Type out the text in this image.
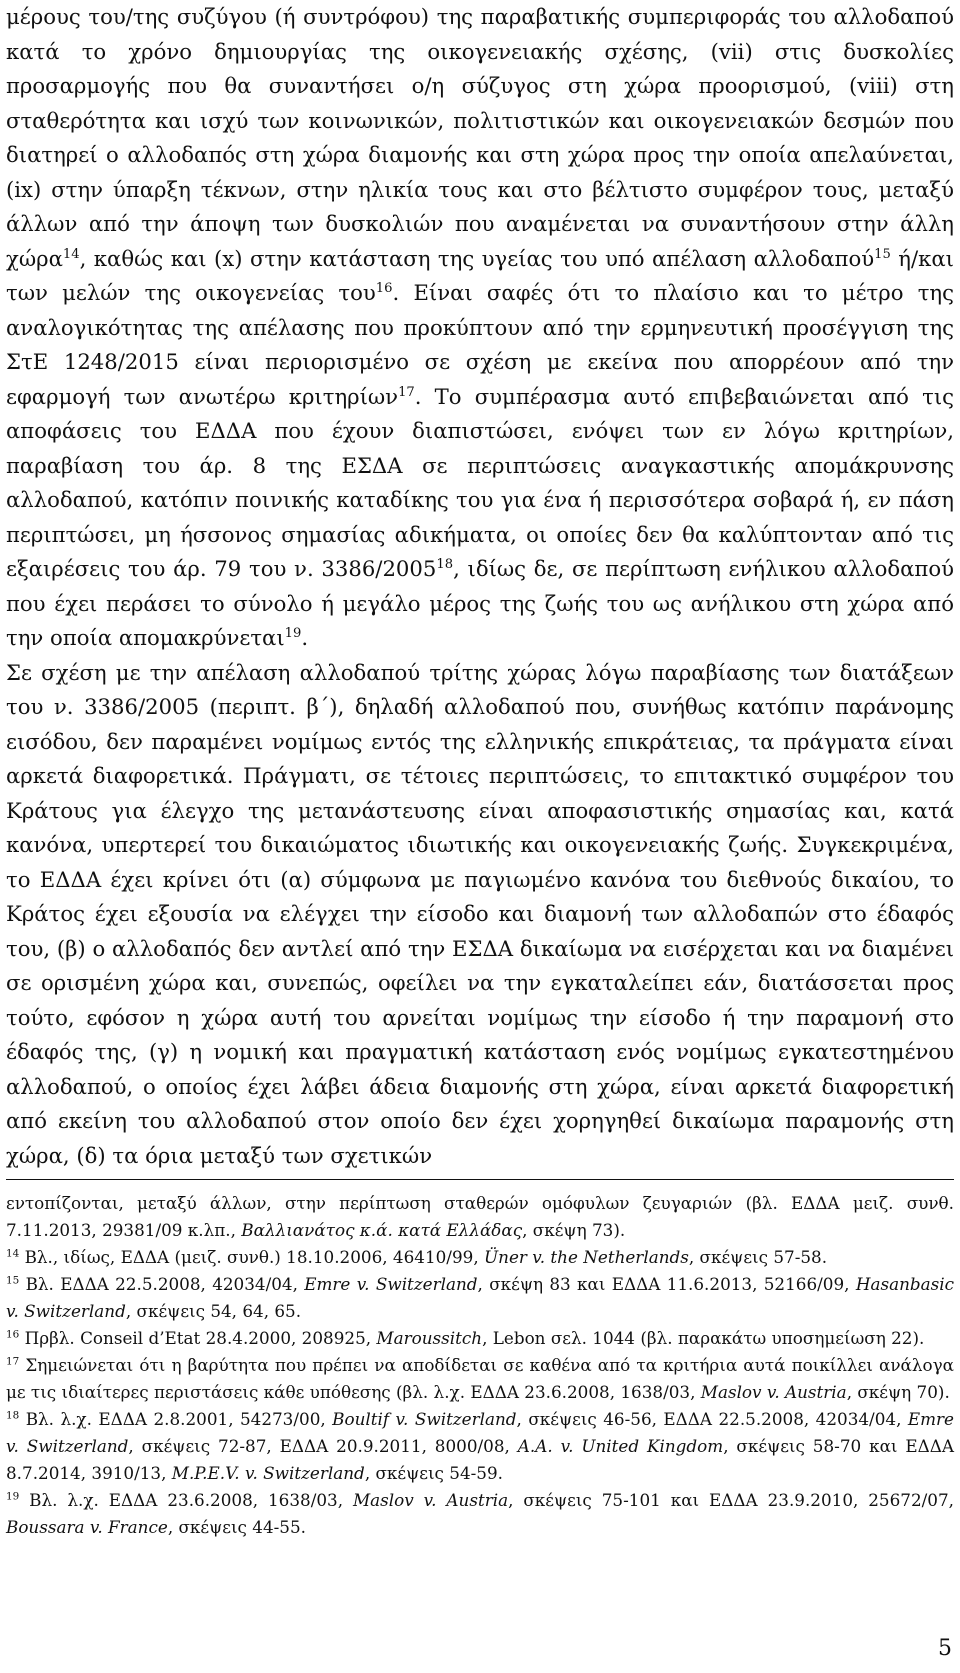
μέρους του/της συζύγου (ή συντρόφου) της παραβατικής συμπεριφοράς του αλλοδαπού κατά το χρόνο δημιουργίας της οικογενειακής σχέσης, (vii) στις δυσκολίες προσαρμογής που θα συναντήσει ο/η σύζυγος στη χώρα προορισμού, (viii) στη σταθερότητα και ισχύ των κοινωνικών, πολιτιστικών και οικογενειακών δεσμών που διατηρεί ο αλλοδαπός στη χώρα διαμονής και στη χώρα προς την οποία απελαύνεται, (ix) στην ύπαρξη τέκνων, στην ηλικία τους και στο βέλτιστο συμφέρον τους, μεταξύ άλλων από την άποψη των δυσκολιών που αναμένεται να συναντήσουν στην άλλη χώρα$^{14}$, καθώς και (x) στην κατάσταση της υγείας του υπό απέλαση αλλοδαπού$^{15}$ ή/και των μελών της οικογενείας του$^{16}$. Είναι σαφές ότι το πλαίσιο και το μέτρο της αναλογικότητας της απέλασης που προκύπτουν από την ερμηνευτική προσέγγιση της ΣτΕ 1248/2015 είναι περιορισμένο σε σχέση με εκείνα που απορρέουν από την εφαρμογή των ανωτέρω κριτηρίων$^{17}$. Το συμπέρασμα αυτό επιβεβαιώνεται από τις αποφάσεις του ΕΔΔΑ που έχουν διαπιστώσει, ενόψει των εν λόγω κριτηρίων, παραβίαση του άρ. 8 της ΕΣΔΑ σε περιπτώσεις αναγκαστικής απομάκρυνσης αλλοδαπού, κατόπιν ποινικής καταδίκης του για ένα ή περισσότερα σοβαρά ή, εν πάση περιπτώσει, μη ήσσονος σημασίας αδικήματα, οι οποίες δεν θα καλύπτονταν από τις εξαιρέσεις του άρ. 79 του ν. 3386/2005$^{18}$, ιδίως δε, σε περίπτωση ενήλικου αλλοδαπού που έχει περάσει το σύνολο ή μεγάλο μέρος της ζωής του ως ανήλικου στη χώρα από την οποία απομακρύνεται$^{19}$.

Σε σχέση με την απέλαση αλλοδαπού τρίτης χώρας λόγω παραβίασης των διατάξεων του ν. 3386/2005 (περιπτ. β΄), δηλαδή αλλοδαπού που, συνήθως κατόπιν παράνομης εισόδου, δεν παραμένει νομίμως εντός της ελληνικής επικράτειας, τα πράγματα είναι αρκετά διαφορετικά. Πράγματι, σε τέτοιες περιπτώσεις, το επιτακτικό συμφέρον του Κράτους για έλεγχο της μετανάστευσης είναι αποφασιστικής σημασίας και, κατά κανόνα, υπερτερεί του δικαιώματος ιδιωτικής και οικογενειακής ζωής. Συγκεκριμένα, το ΕΔΔΑ έχει κρίνει ότι (α) σύμφωνα με παγιωμένο κανόνα του διεθνούς δικαίου, το Κράτος έχει εξουσία να ελέγχει την είσοδο και διαμονή των αλλοδαπών στο έδαφός του, (β) ο αλλοδαπός δεν αντλεί από την ΕΣΔΑ δικαίωμα να εισέρχεται και να διαμένει σε ορισμένη χώρα και, συνεπώς, οφείλει να την εγκαταλείπει εάν, διατάσσεται προς τούτο, εφόσον η χώρα αυτή του αρνείται νομίμως την είσοδο ή την παραμονή στο έδαφός της, (γ) η νομική και πραγματική κατάσταση ενός νομίμως εγκατεστημένου αλλοδαπού, ο οποίος έχει λάβει άδεια διαμονής στη χώρα, είναι αρκετά διαφορετική από εκείνη του αλλοδαπού στον οποίο δεν έχει χορηγηθεί δικαίωμα παραμονής στη χώρα, (δ) τα όρια μεταξύ των σχετικών

εντοπίζονται, μεταξύ άλλων, στην περίπτωση σταθερών ομόφυλων ζευγαριών (βλ. ΕΔΔΑ μειζ. συνθ. 7.11.2013, 29381/09 κ.λπ., Βαλλιανάτος κ.ά. κατά Ελλάδας, σκέψη 73).

$^{14}$ Βλ., ιδίως, ΕΔΔΑ (μειζ. συνθ.) 18.10.2006, 46410/99, Üner v. the Netherlands, σκέψεις 57-58.

$^{15}$ Βλ. ΕΔΔΑ 22.5.2008, 42034/04, Emre v. Switzerland, σκέψη 83 και ΕΔΔΑ 11.6.2013, 52166/09, Hasanbasic v. Switzerland, σκέψεις 54, 64, 65.

$^{16}$ Πρβλ. Conseil d’Etat 28.4.2000, 208925, Maroussitch, Lebon σελ. 1044 (βλ. παρακάτω υποσημείωση 22).

$^{17}$ Σημειώνεται ότι η βαρύτητα που πρέπει να αποδίδεται σε καθένα από τα κριτήρια αυτά ποικίλλει ανάλογα με τις ιδιαίτερες περιστάσεις κάθε υπόθεσης (βλ. λ.χ. ΕΔΔΑ 23.6.2008, 1638/03, Maslov v. Austria, σκέψη 70).

$^{18}$ Βλ. λ.χ. ΕΔΔΑ 2.8.2001, 54273/00, Boultif v. Switzerland, σκέψεις 46-56, ΕΔΔΑ 22.5.2008, 42034/04, Emre v. Switzerland, σκέψεις 72-87, ΕΔΔΑ 20.9.2011, 8000/08, A.A. v. United Kingdom, σκέψεις 58-70 και ΕΔΔΑ 8.7.2014, 3910/13, M.P.E.V. v. Switzerland, σκέψεις 54-59.

$^{19}$ Βλ. λ.χ. ΕΔΔΑ 23.6.2008, 1638/03, Maslov v. Austria, σκέψεις 75-101 και ΕΔΔΑ 23.9.2010, 25672/07, Boussara v. France, σκέψεις 44-55.

5
